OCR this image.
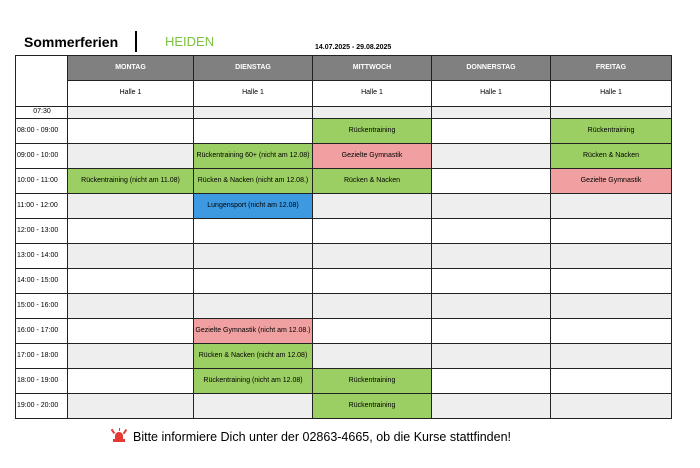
Sommerferien	HEIDEN	14.07.2025 - 29.08.2025
	MONTAG	DIENSTAG	MITTWOCH	DONNERSTAG	FREITAG
	Halle 1	Halle 1	Halle 1	Halle 1	Halle 1
07:30					
08:00 - 09:00			Rückentraining		Rückentraining
09:00 - 10:00		Rückentraining 60+ (nicht am 12.08)	Gezielte Gymnastik		Rücken & Nacken
10:00 - 11:00	Rückentraining (nicht am 11.08)	Rücken & Nacken (nicht am 12.08.)	Rücken & Nacken		Gezielte Gymnastik
11:00 - 12:00		Lungensport (nicht am 12.08)			
12:00 - 13:00					
13:00 - 14:00					
14:00 - 15:00					
15:00 - 16:00					
16:00 - 17:00		Gezielte Gymnastik (nicht am 12.08.)			
17:00 - 18:00		Rücken & Nacken (nicht am 12.08)			
18:00 - 19:00		Rückentraining (nicht am 12.08)	Rückentraining		
19:00 - 20:00			Rückentraining		
Bitte informiere Dich unter der 02863-4665, ob die Kurse stattfinden!
